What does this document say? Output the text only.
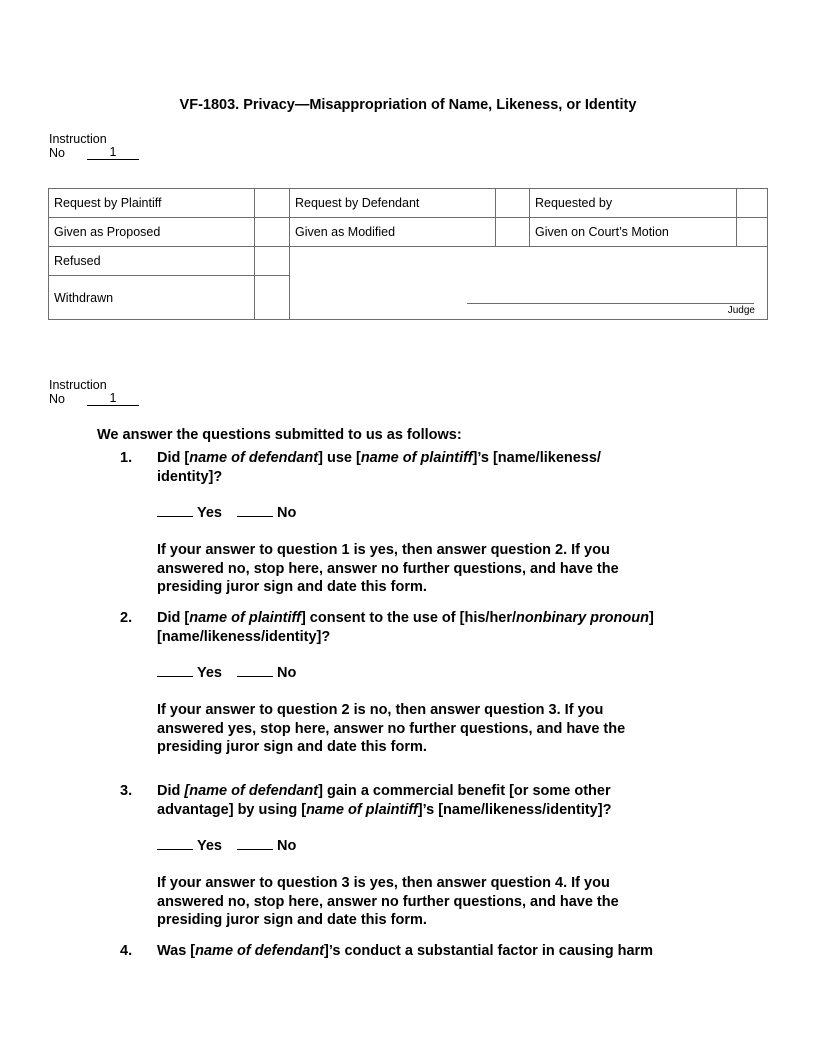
VF-1803. Privacy—Misappropriation of Name, Likeness, or Identity
Instruction
No	1
Request by Plaintiff	Request by Defendant	Requested by
Given as Proposed	Given as Modified	Given on Court’s Motion
Refused
Withdrawn
Judge
Instruction
No	1
We answer the questions submitted to us as follows:
1. Did [name of defendant] use [name of plaintiff]’s [name/likeness/
identity]?
Yes	No
If your answer to question 1 is yes, then answer question 2. If you
answered no, stop here, answer no further questions, and have the
presiding juror sign and date this form.
2. Did [name of plaintiff] consent to the use of [his/her/nonbinary pronoun]
[name/likeness/identity]?
Yes	No
If your answer to question 2 is no, then answer question 3. If you
answered yes, stop here, answer no further questions, and have the
presiding juror sign and date this form.
3. Did [name of defendant] gain a commercial benefit [or some other
advantage] by using [name of plaintiff]’s [name/likeness/identity]?
Yes	No
If your answer to question 3 is yes, then answer question 4. If you
answered no, stop here, answer no further questions, and have the
presiding juror sign and date this form.
4. Was [name of defendant]’s conduct a substantial factor in causing harm
